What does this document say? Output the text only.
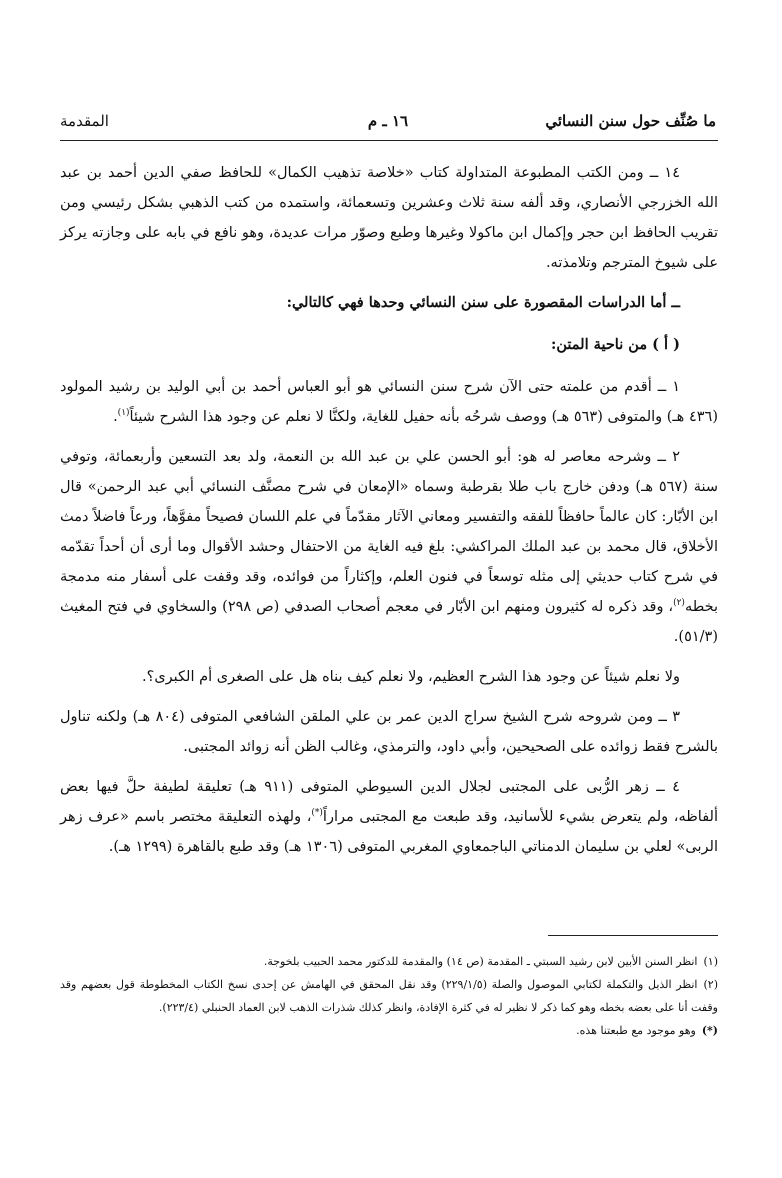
ما صُنِّف حول سنن النسائي
١٦ ـ م
المقدمة

١٤ ــ ومن الكتب المطبوعة المتداولة كتاب «خلاصة تذهيب الكمال» للحافظ صفي الدين أحمد بن عبد الله الخزرجي الأنصاري، وقد ألفه سنة ثلاث وعشرين وتسعمائة، واستمده من كتب الذهبي بشكل رئيسي ومن تقريب الحافظ ابن حجر وإكمال ابن ماكولا وغيرها وطبع وصوّر مرات عديدة، وهو نافع في بابه على وجازته يركز على شيوخ المترجم وتلامذته.

ــ أما الدراسات المقصورة على سنن النسائي وحدها فهي كالتالي:

( أ ) من ناحية المتن:

١ ــ أقدم من علمته حتى الآن شرح سنن النسائي هو أبو العباس أحمد بن أبي الوليد بن رشيد المولود (٤٣٦ هـ) والمتوفى (٥٦٣ هـ) ووصف شرحُه بأنه حفيل للغاية، ولكنَّا لا نعلم عن وجود هذا الشرح شيئاً$^{(١)}$.

٢ ــ وشرحه معاصر له هو: أبو الحسن علي بن عبد الله بن النعمة، ولد بعد التسعين وأربعمائة، وتوفي سنة (٥٦٧ هـ) ودفن خارج باب طلا بقرطبة وسماه «الإمعان في شرح مصنَّف النسائي أبي عبد الرحمن» قال ابن الأبّار: كان عالماً حافظاً للفقه والتفسير ومعاني الآثار مقدّماً في علم اللسان فصيحاً مفوَّهاً، ورعاً فاضلاً دمث الأخلاق، قال محمد بن عبد الملك المراكشي: بلغ فيه الغاية من الاحتفال وحشد الأقوال وما أرى أن أحداً تقدّمه في شرح كتاب حديثي إلى مثله توسعاً في فنون العلم، وإكثاراً من فوائده، وقد وقفت على أسفار منه مدمجة بخطه$^{(٢)}$، وقد ذكره له كثيرون ومنهم ابن الأبّار في معجم أصحاب الصدفي (ص ٢٩٨) والسخاوي في فتح المغيث (٥١/٣).

ولا نعلم شيئاً عن وجود هذا الشرح العظيم، ولا نعلم كيف بناه هل على الصغرى أم الكبرى؟.

٣ ــ ومن شروحه شرح الشيخ سراج الدين عمر بن علي الملقن الشافعي المتوفى (٨٠٤ هـ) ولكنه تناول بالشرح فقط زوائده على الصحيحين، وأبي داود، والترمذي، وغالب الظن أنه زوائد المجتبى.

٤ ــ زهر الرُّبى على المجتبى لجلال الدين السيوطي المتوفى (٩١١ هـ) تعليقة لطيفة حلَّ فيها بعض ألفاظه، ولم يتعرض بشيء للأسانيد، وقد طبعت مع المجتبى مراراً(*)، ولهذه التعليقة مختصر باسم «عرف زهر الربى» لعلي بن سليمان الدمناتي الباجمعاوي المغربي المتوفى (١٣٠٦ هـ) وقد طبع بالقاهرة (١٢٩٩ هـ).

(١)انظر السنن الأبين لابن رشيد السبتي ـ المقدمة (ص ١٤) والمقدمة للدكتور محمد الحبيب بلخوجة.

(٢)انظر الذيل والتكملة لكتابي الموصول والصلة (٢٢٩/١/٥) وقد نقل المحقق في الهامش عن إحدى نسخ الكتاب المخطوطة قول بعضهم وقد وقفت أنا على بعضه بخطه وهو كما ذكر لا نظير له في كثرة الإفادة، وانظر كذلك شذرات الذهب لابن العماد الحنبلي (٢٢٣/٤).

(*)وهو موجود مع طبعتنا هذه.
